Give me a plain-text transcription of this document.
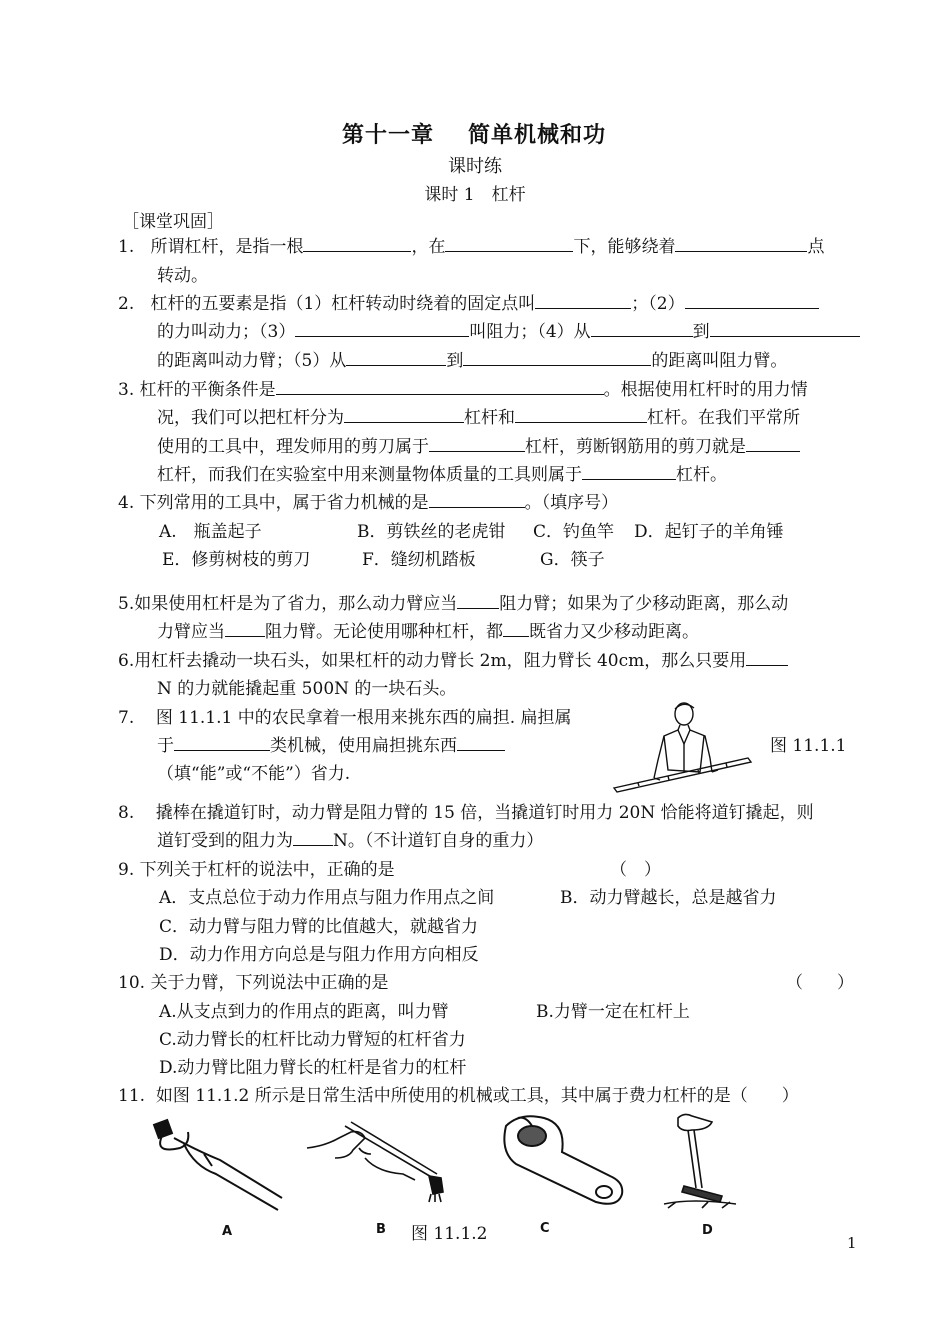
第十一章 简单机械和功
课时练
课时 1　杠杆
［课堂巩固］
1. 所谓杠杆，是指一根	，在	下，能够绕着	点
转动。
2. 杠杆的五要素是指（1）杠杆转动时绕着的固定点叫	；（2）
的力叫动力；（3）	叫阻力；（4）从	到
的距离叫动力臂；（5）从	到	的距离叫阻力臂。
3. 杠杆的平衡条件是	。根据使用杠杆时的用力情
况，我们可以把杠杆分为	杠杆和	杠杆。在我们平常所
使用的工具中，理发师用的剪刀属于	杠杆，剪断钢筋用的剪刀就是
杠杆，而我们在实验室中用来测量物体质量的工具则属于	杠杆。
4. 下列常用的工具中，属于省力机械的是	。（填序号）
A.　瓶盖起子	B．剪铁丝的老虎钳 C．钓鱼竿 D．起钉子的羊角锤
E．修剪树枝的剪刀	F．缝纫机踏板	G．筷子
5.如果使用杠杆是为了省力，那么动力臂应当 阻力臂；如果为了少移动距离，那么动
力臂应当 阻力臂。无论使用哪种杠杆，都 既省力又少移动距离。
6.用杠杆去撬动一块石头，如果杠杆的动力臂长 2m，阻力臂长 40cm，那么只要用
N 的力就能撬起重 500N 的一块石头。
7. 图 11.1.1 中的农民拿着一根用来挑东西的扁担. 扁担属
于	类机械，使用扁担挑东西
（填“能”或“不能”）省力.
图 11.1.1
8. 撬棒在撬道钉时，动力臂是阻力臂的 15 倍，当撬道钉时用力 20N 恰能将道钉撬起，则
道钉受到的阻力为 N。（不计道钉自身的重力）
9. 下列关于杠杆的说法中，正确的是	（　）
A．支点总位于动力作用点与阻力作用点之间	B．动力臂越长，总是越省力
C．动力臂与阻力臂的比值越大，就越省力
D．动力作用方向总是与阻力作用方向相反
10. 关于力臂，下列说法中正确的是	（　　）
A.从支点到力的作用点的距离，叫力臂	B.力臂一定在杠杆上
C.动力臂长的杠杆比动力臂短的杠杆省力
D.动力臂比阻力臂长的杠杆是省力的杠杆
11. 如图 11.1.2 所示是日常生活中所使用的机械或工具，其中属于费力杠杆的是（　　）
A	B 图 11.1.2	C	D
1
